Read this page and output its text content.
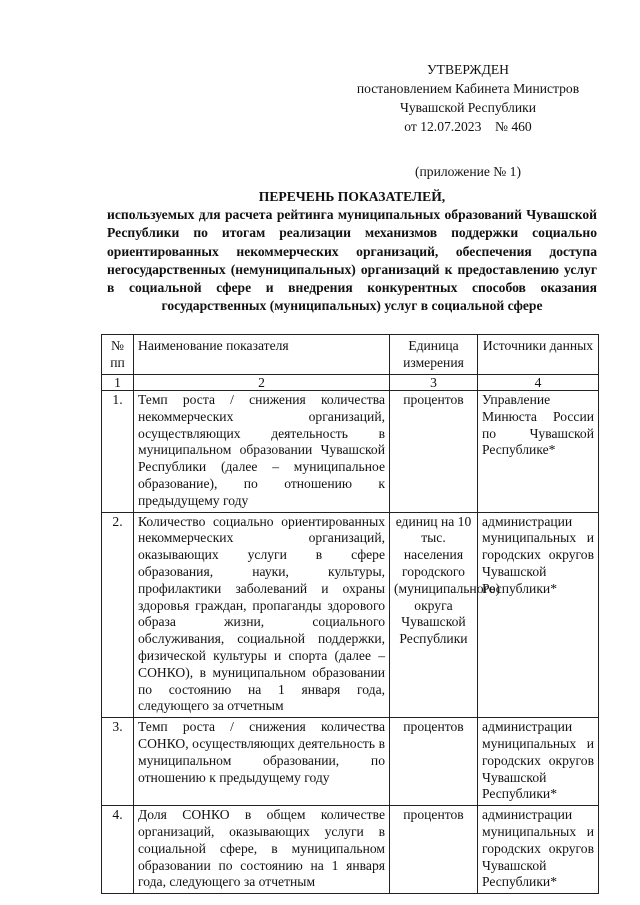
УТВЕРЖДЕН
постановлением Кабинета Министров
Чувашской Республики
от 12.07.2023    № 460
(приложение № 1)
ПЕРЕЧЕНЬ ПОКАЗАТЕЛЕЙ,
используемых для расчета рейтинга муниципальных образований Чувашской Республики по итогам реализации механизмов поддержки социально ориентированных некоммерческих организаций, обеспечения доступа негосударственных (немуниципальных) организаций к предоставлению услуг в социальной сфере и внедрения конкурентных способов оказания государственных (муниципальных) услуг в социальной сфере
№ пп	Наименование показателя	Единица измерения	Источники данных
1	2	3	4
1.	Темп роста / снижения количества некоммерческих организаций, осуществляющих деятельность в муниципальном образовании Чувашской Республики (далее – муниципальное образование), по отношению к предыдущему году	процентов	Управление Минюста России по Чувашской Республике*
2.	Количество социально ориентированных некоммерческих организаций, оказывающих услуги в сфере образования, науки, культуры, профилактики заболеваний и охраны здоровья граждан, пропаганды здорового образа жизни, социального обслуживания, социальной поддержки, физической культуры и спорта (далее – СОНКО), в муниципальном образовании по состоянию на 1 января года, следующего за отчетным	единиц на 10 тыс. населения городского (муниципального) округа Чувашской Республики	администрации муниципальных и городских округов Чувашской Республики*
3.	Темп роста / снижения количества СОНКО, осуществляющих деятельность в муниципальном образовании, по отношению к предыдущему году	процентов	администрации муниципальных и городских округов Чувашской Республики*
4.	Доля СОНКО в общем количестве организаций, оказывающих услуги в социальной сфере, в муниципальном образовании по состоянию на 1 января года, следующего за отчетным	процентов	администрации муниципальных и городских округов Чувашской Республики*
